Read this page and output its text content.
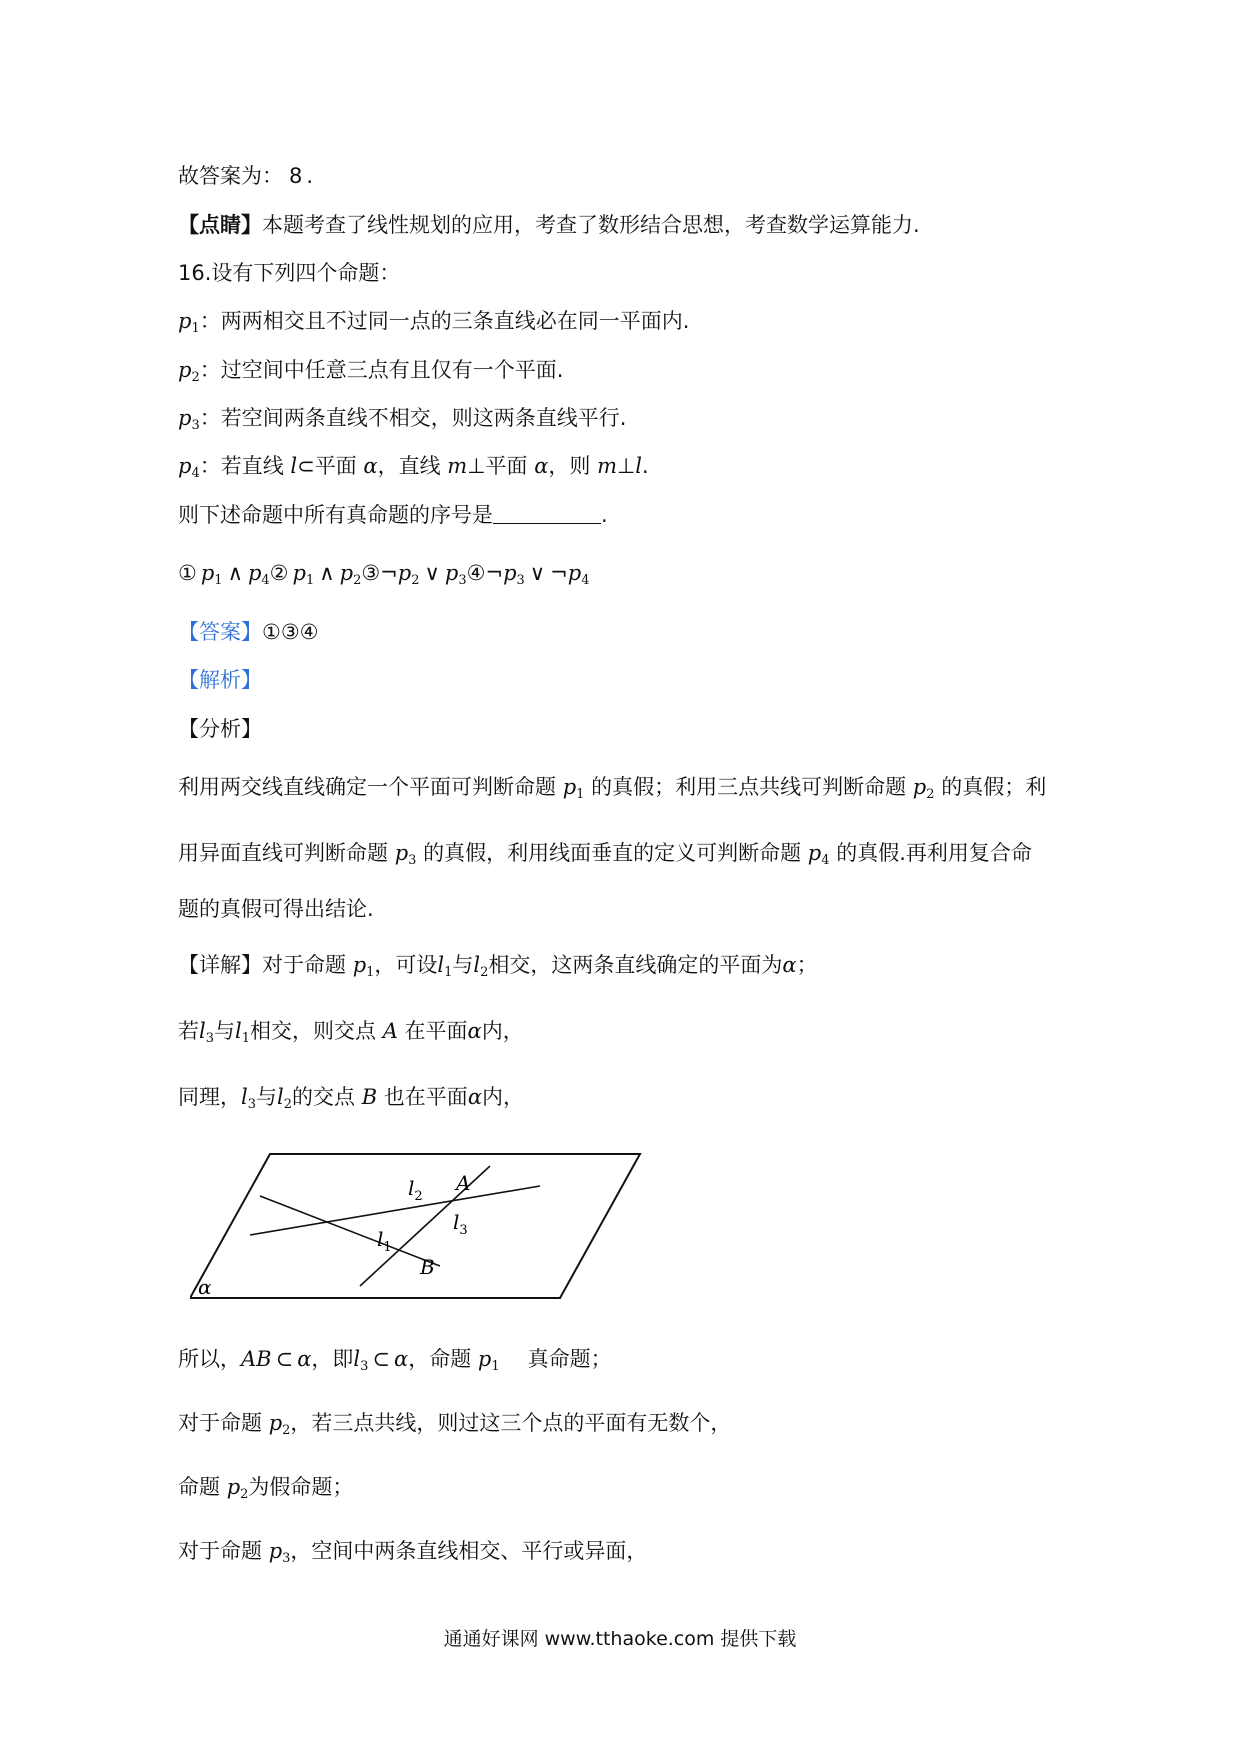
故答案为： 8 .
【点睛】本题考查了线性规划的应用，考查了数形结合思想，考查数学运算能力.
16.设有下列四个命题：
$p_1$：两两相交且不过同一点的三条直线必在同一平面内.
$p_2$：过空间中任意三点有且仅有一个平面.
$p_3$：若空间两条直线不相交，则这两条直线平行.
$p_4$：若直线 l⊂平面 α，直线 m⊥平面 α，则 m⊥l.
则下述命题中所有真命题的序号是	.
① $p_1$ ∧ $p_4②$ $p_1$ ∧ $p_2③\neg p_2$ ∨ $p_3④\neg p_3$ ∨ $\neg p_4$
【答案】①③④
【解析】
【分析】
利用两交线直线确定一个平面可判断命题 $p_1$ 的真假；利用三点共线可判断命题 $p_2$ 的真假；利
用异面直线可判断命题 $p_3$ 的真假，利用线面垂直的定义可判断命题 $p_4$ 的真假.再利用复合命
题的真假可得出结论.
【详解】对于命题 $p_1$，可设$l_1$与$l_2$相交，这两条直线确定的平面为α；
若$l_3$与$l_1$相交，则交点 A 在平面α内，
同理，$l_3$与$l_2$的交点 B 也在平面α内，
$l_2$
A
$l_3$
$l_1$
B
α
所以，AB ⊂ α，即$l_3$ ⊂ α，命题 $p_1$ 真命题；
对于命题 $p_2$，若三点共线，则过这三个点的平面有无数个，
命题 $p_2$为假命题；
对于命题 $p_3$，空间中两条直线相交、平行或异面，
通通好课网 www.tthaoke.com 提供下载
